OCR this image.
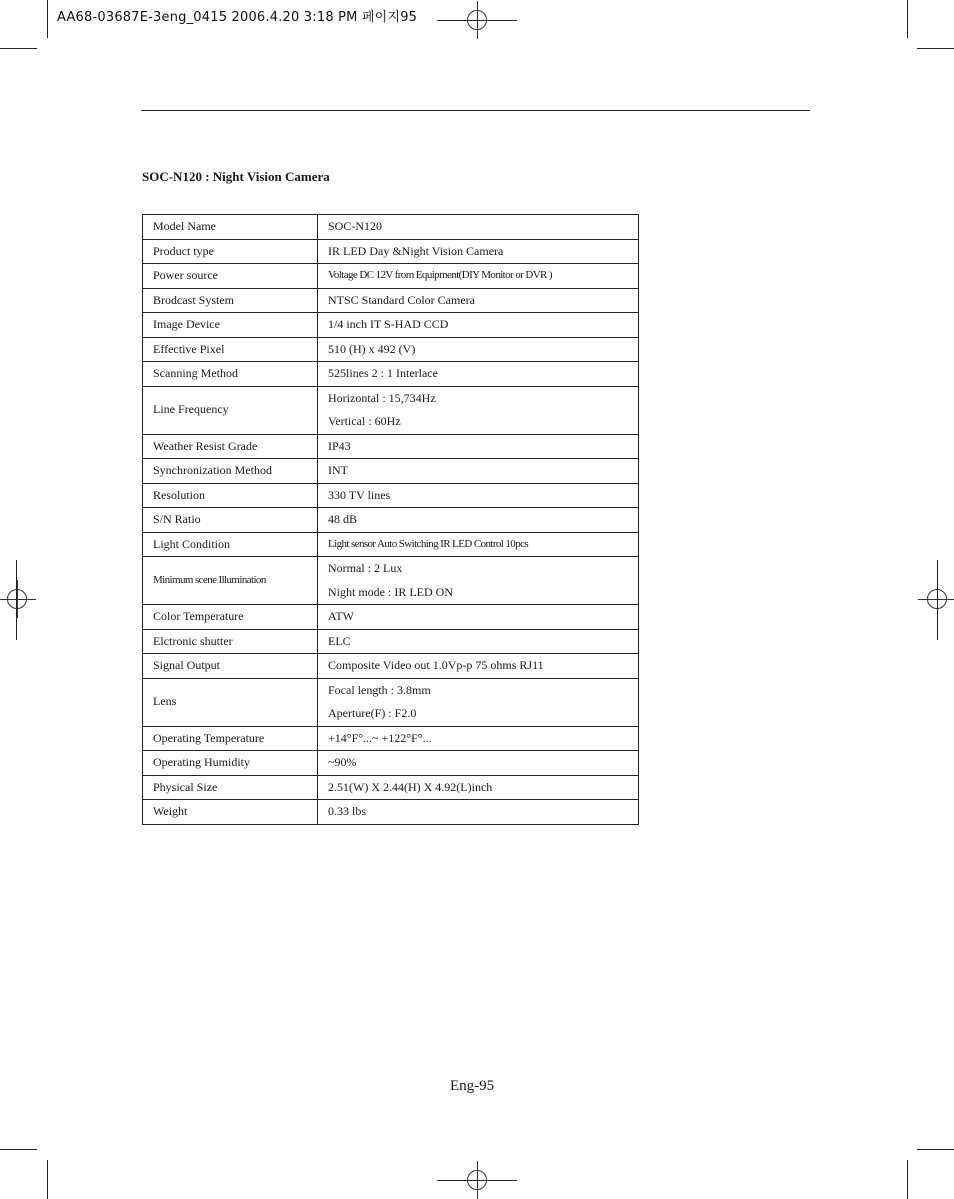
AA68-03687E-3eng_0415 2006.4.20 3:18 PM 페이지95
SOC-N120 : Night Vision Camera
Model Name	SOC-N120

Product type	IR LED Day &Night Vision Camera

Power source	Voltage DC 12V from Equipment(DIY Monitor or DVR )

Brodcast System	NTSC Standard Color Camera

Image Device	1/4 inch IT S-HAD CCD

Effective Pixel	510 (H) x 492 (V)

Scanning Method	525lines 2 : 1 Interlace

Line Frequency	Horizontal : 15,734Hz
Vertical : 60Hz

Weather Resist Grade	IP43

Synchronization Method	INT

Resolution	330 TV lines

S/N Ratio	48 dB

Light Condition	Light sensor Auto Switching IR LED Control 10pcs

Minimum scene Illumination	Normal : 2 Lux
Night mode : IR LED ON

Color Temperature	ATW

Elctronic shutter	ELC

Signal Output	Composite Video out 1.0Vp-p 75 ohms RJ11

Lens	Focal length : 3.8mm
Aperture(F) : F2.0

Operating Temperature	+14°F°...~ +122°F°...

Operating Humidity	~90%

Physical Size	2.51(W) X 2.44(H) X 4.92(L)inch

Weight	0.33 lbs
Eng-95
